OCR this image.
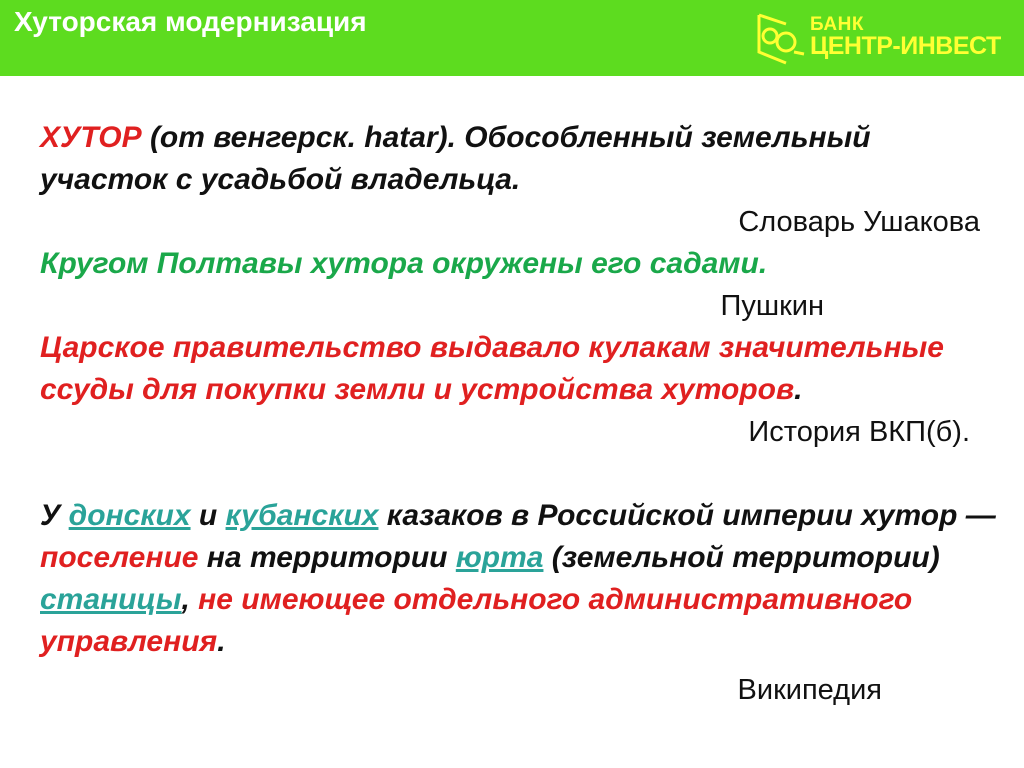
Хуторская модернизация	БАНК
ЦЕНТР-ИНВЕСТ

ХУТОР (от венгерск. hatar). Обособленный земельный участок с усадьбой владельца.

Словарь Ушакова

Кругом Полтавы хутора окружены его садами.

Пушкин

Царское правительство выдавало кулакам значительные ссуды для покупки земли и устройства хуторов.

История ВКП(б).

У донских и кубанских казаков в Российской империи хутор — поселение на территории юрта (земельной территории) станицы, не имеющее отдельного административного управления.

Википедия
